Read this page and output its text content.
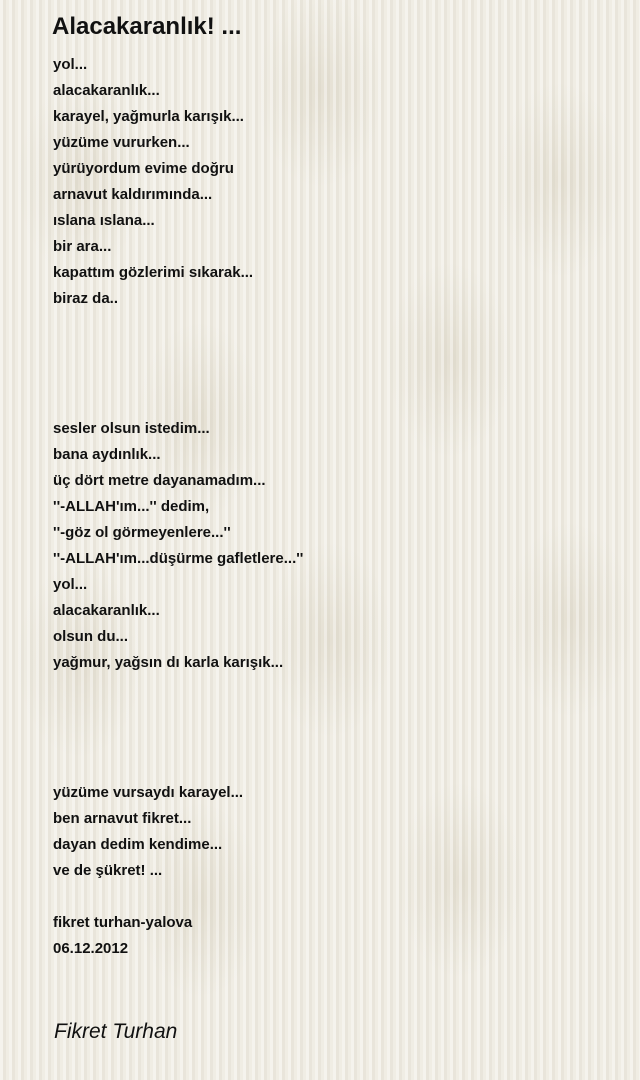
Alacakaranlık! ...
yol...
alacakaranlık...
karayel, yağmurla karışık...
yüzüme vururken...
yürüyordum evime doğru
arnavut kaldırımında...
ıslana ıslana...
bir ara...
kapattım gözlerimi sıkarak...
biraz da..
sesler olsun istedim...
bana aydınlık...
üç dört metre dayanamadım...
''-ALLAH'ım...'' dedim,
''-göz ol görmeyenlere...''
''-ALLAH'ım...düşürme gafletlere...''
yol...
alacakaranlık...
olsun du...
yağmur, yağsın dı karla karışık...
yüzüme vursaydı karayel...
ben arnavut fikret...
dayan dedim kendime...
ve de şükret! ...
fikret turhan-yalova
06.12.2012
Fikret Turhan
